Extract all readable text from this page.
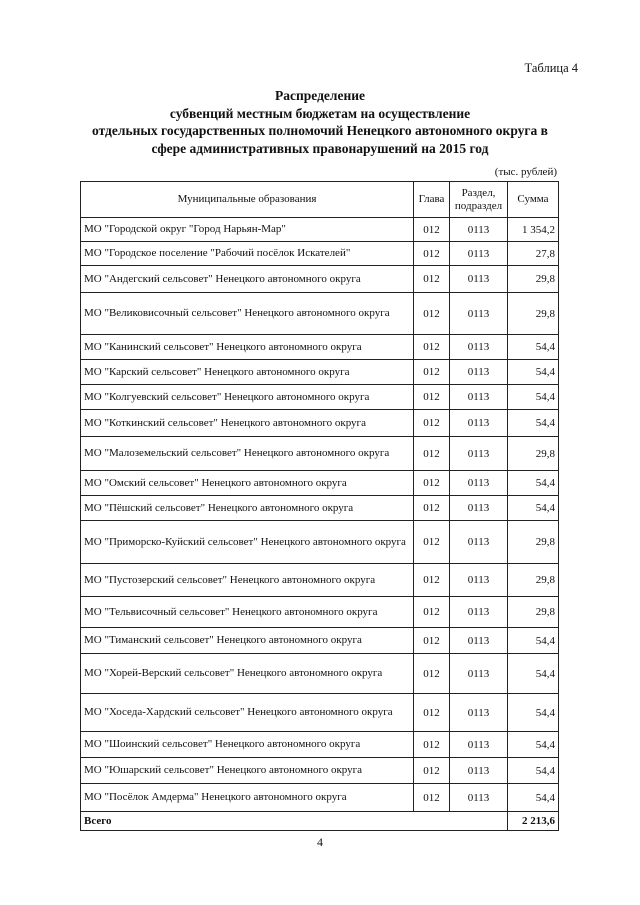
Таблица 4
Распределение
субвенций местным бюджетам на осуществление
отдельных государственных полномочий Ненецкого автономного округа в
сфере административных правонарушений на 2015 год
(тыс. рублей)
Муниципальные образования	Глава	Раздел, подраздел	Сумма
МО "Городской округ "Город Нарьян-Мар"	012	0113	1 354,2
МО "Городское поселение "Рабочий посёлок Искателей"	012	0113	27,8
МО "Андегский сельсовет" Ненецкого автономного округа	012	0113	29,8
МО "Великовисочный сельсовет" Ненецкого автономного округа	012	0113	29,8
МО "Канинский сельсовет" Ненецкого автономного округа	012	0113	54,4
МО "Карский сельсовет" Ненецкого автономного округа	012	0113	54,4
МО "Колгуевский сельсовет" Ненецкого автономного округа	012	0113	54,4
МО "Коткинский сельсовет" Ненецкого автономного округа	012	0113	54,4
МО "Малоземельский сельсовет" Ненецкого автономного округа	012	0113	29,8
МО "Омский сельсовет" Ненецкого автономного округа	012	0113	54,4
МО "Пёшский сельсовет" Ненецкого автономного округа	012	0113	54,4
МО "Приморско-Куйский сельсовет" Ненецкого автономного округа	012	0113	29,8
МО "Пустозерский сельсовет" Ненецкого автономного округа	012	0113	29,8
МО "Тельвисочный сельсовет" Ненецкого автономного округа	012	0113	29,8
МО "Тиманский сельсовет" Ненецкого автономного округа	012	0113	54,4
МО "Хорей-Верский сельсовет" Ненецкого автономного округа	012	0113	54,4
МО "Хоседа-Хардский сельсовет" Ненецкого автономного округа	012	0113	54,4
МО "Шоинский сельсовет" Ненецкого автономного округа	012	0113	54,4
МО "Юшарский сельсовет" Ненецкого автономного округа	012	0113	54,4
МО "Посёлок Амдерма" Ненецкого автономного округа	012	0113	54,4
Всего			2 213,6
4
